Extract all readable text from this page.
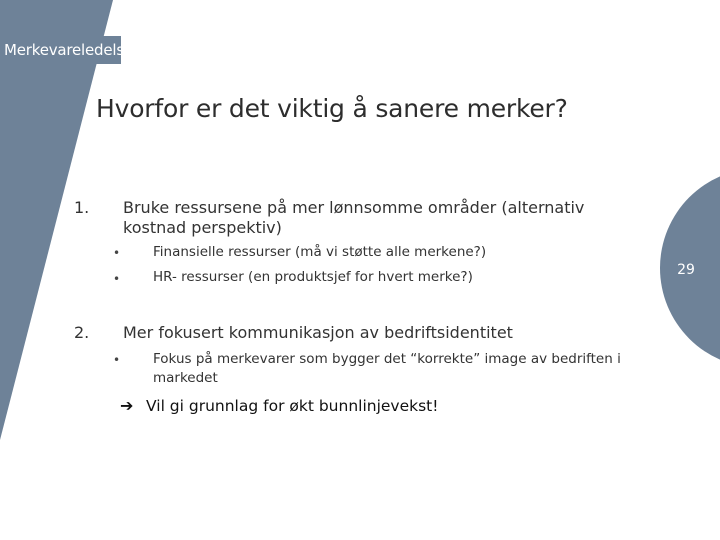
Merkevareledelse
Hvorfor er det viktig å sanere merker?
29
1. Bruke ressursene på mer lønnsomme områder (alternativ
kostnad perspektiv)
• Finansielle ressurser (må vi støtte alle merkene?)
• HR- ressurser (en produktsjef for hvert merke?)
2. Mer fokusert kommunikasjon av bedriftsidentitet
• Fokus på merkevarer som bygger det “korrekte” image av bedriften i
markedet
➔ Vil gi grunnlag for økt bunnlinjevekst!
